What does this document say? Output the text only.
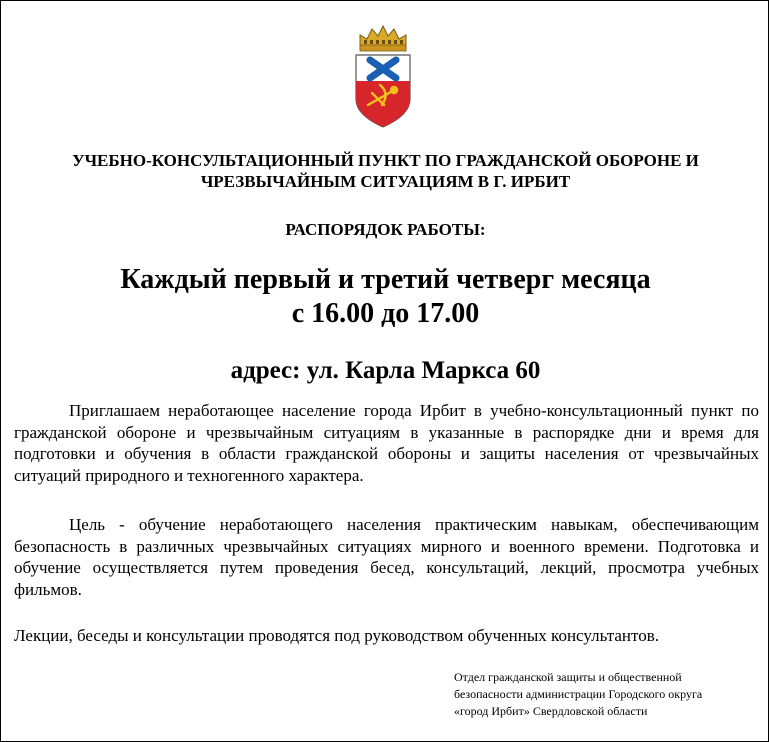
УЧЕБНО-КОНСУЛЬТАЦИОННЫЙ ПУНКТ ПО ГРАЖДАНСКОЙ ОБОРОНЕ И ЧРЕЗВЫЧАЙНЫМ СИТУАЦИЯМ В Г. ИРБИТ
РАСПОРЯДОК РАБОТЫ:
Каждый первый и третий четверг месяца
с 16.00 до 17.00
адрес: ул. Карла Маркса 60
Приглашаем неработающее население города Ирбит в учебно-консультационный пункт по гражданской обороне и чрезвычайным ситуациям в указанные в распорядке дни и время для подготовки и обучения в области гражданской обороны и защиты населения от чрезвычайных ситуаций природного и техногенного характера.
Цель - обучение неработающего населения практическим навыкам, обеспечивающим безопасность в различных чрезвычайных ситуациях мирного и военного времени. Подготовка и обучение осуществляется путем проведения бесед, консультаций, лекций, просмотра учебных фильмов.
Лекции, беседы и консультации проводятся под руководством обученных консультантов.
Отдел гражданской защиты и общественной
безопасности администрации Городского округа
«город Ирбит» Свердловской области
